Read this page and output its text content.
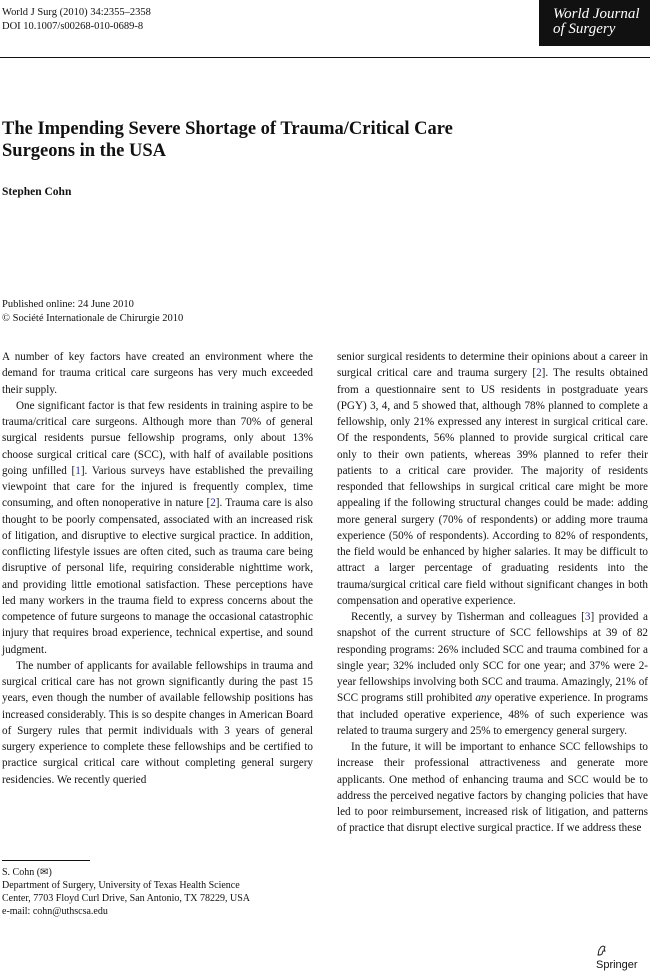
World J Surg (2010) 34:2355–2358
DOI 10.1007/s00268-010-0689-8
World Journal
of Surgery
The Impending Severe Shortage of Trauma/Critical Care
Surgeons in the USA
Stephen Cohn
Published online: 24 June 2010
© Société Internationale de Chirurgie 2010

A number of key factors have created an environment where the demand for trauma critical care surgeons has very much exceeded their supply.

One significant factor is that few residents in training aspire to be trauma/critical care surgeons. Although more than 70% of general surgical residents pursue fellowship programs, only about 13% choose surgical critical care (SCC), with half of available positions going unfilled [1]. Various surveys have established the prevailing viewpoint that care for the injured is frequently complex, time consuming, and often nonoperative in nature [2]. Trauma care is also thought to be poorly compensated, associated with an increased risk of litigation, and disruptive to elective surgical practice. In addition, conflicting lifestyle issues are often cited, such as trauma care being disruptive of personal life, requiring considerable nighttime work, and providing little emotional satisfaction. These perceptions have led many workers in the trauma field to express concerns about the competence of future surgeons to manage the occasional catastrophic injury that requires broad experience, technical expertise, and sound judgment.

The number of applicants for available fellowships in trauma and surgical critical care has not grown significantly during the past 15 years, even though the number of available fellowship positions has increased considerably. This is so despite changes in American Board of Surgery rules that permit individuals with 3 years of general surgery experience to complete these fellowships and be certified to practice surgical critical care without completing general surgery residencies. We recently queried

senior surgical residents to determine their opinions about a career in surgical critical care and trauma surgery [2]. The results obtained from a questionnaire sent to US residents in postgraduate years (PGY) 3, 4, and 5 showed that, although 78% planned to complete a fellowship, only 21% expressed any interest in surgical critical care. Of the respondents, 56% planned to provide surgical critical care only to their own patients, whereas 39% planned to refer their patients to a critical care provider. The majority of residents responded that fellowships in surgical critical care might be more appealing if the following structural changes could be made: adding more general surgery (70% of respondents) or adding more trauma experience (50% of respondents). According to 82% of respondents, the field would be enhanced by higher salaries. It may be difficult to attract a larger percentage of graduating residents into the trauma/surgical critical care field without significant changes in both compensation and operative experience.

Recently, a survey by Tisherman and colleagues [3] provided a snapshot of the current structure of SCC fellowships at 39 of 82 responding programs: 26% included SCC and trauma combined for a single year; 32% included only SCC for one year; and 37% were 2-year fellowships involving both SCC and trauma. Amazingly, 21% of SCC programs still prohibited any operative experience. In programs that included operative experience, 48% of such experience was related to trauma surgery and 25% to emergency general surgery.

In the future, it will be important to enhance SCC fellowships to increase their professional attractiveness and generate more applicants. One method of enhancing trauma and SCC would be to address the perceived negative factors by changing policies that have led to poor reimbursement, increased risk of litigation, and patterns of practice that disrupt elective surgical practice. If we address these

S. Cohn (✉)
Department of Surgery, University of Texas Health Science
Center, 7703 Floyd Curl Drive, San Antonio, TX 78229, USA
e-mail: cohn@uthscsa.edu
Springer
